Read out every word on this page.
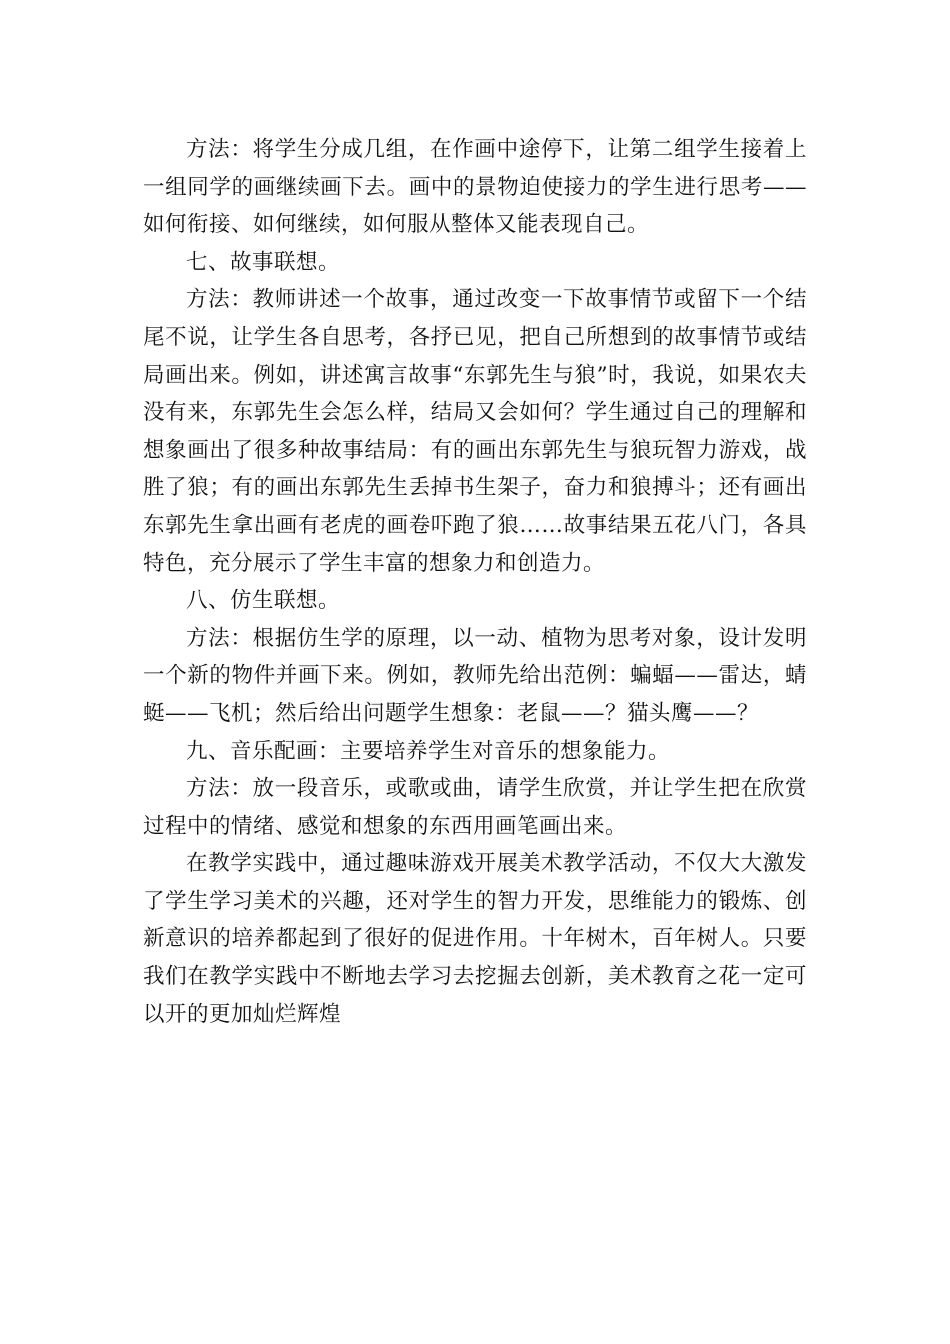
方法：将学生分成几组，在作画中途停下，让第二组学生接着上一组同学的画继续画下去。画中的景物迫使接力的学生进行思考——如何衔接、如何继续，如何服从整体又能表现自己。

七、故事联想。

方法：教师讲述一个故事，通过改变一下故事情节或留下一个结尾不说，让学生各自思考，各抒已见，把自己所想到的故事情节或结局画出来。例如，讲述寓言故事“东郭先生与狼”时，我说，如果农夫没有来，东郭先生会怎么样，结局又会如何？学生通过自己的理解和想象画出了很多种故事结局：有的画出东郭先生与狼玩智力游戏，战胜了狼；有的画出东郭先生丢掉书生架子，奋力和狼搏斗；还有画出东郭先生拿出画有老虎的画卷吓跑了狼……故事结果五花八门，各具特色，充分展示了学生丰富的想象力和创造力。

八、仿生联想。

方法：根据仿生学的原理，以一动、植物为思考对象，设计发明一个新的物件并画下来。例如，教师先给出范例：蝙蝠——雷达，蜻蜓——飞机；然后给出问题学生想象：老鼠——？猫头鹰——？

九、音乐配画：主要培养学生对音乐的想象能力。

方法：放一段音乐，或歌或曲，请学生欣赏，并让学生把在欣赏过程中的情绪、感觉和想象的东西用画笔画出来。

在教学实践中，通过趣味游戏开展美术教学活动，不仅大大激发了学生学习美术的兴趣，还对学生的智力开发，思维能力的锻炼、创新意识的培养都起到了很好的促进作用。十年树木，百年树人。只要我们在教学实践中不断地去学习去挖掘去创新，美术教育之花一定可以开的更加灿烂辉煌
